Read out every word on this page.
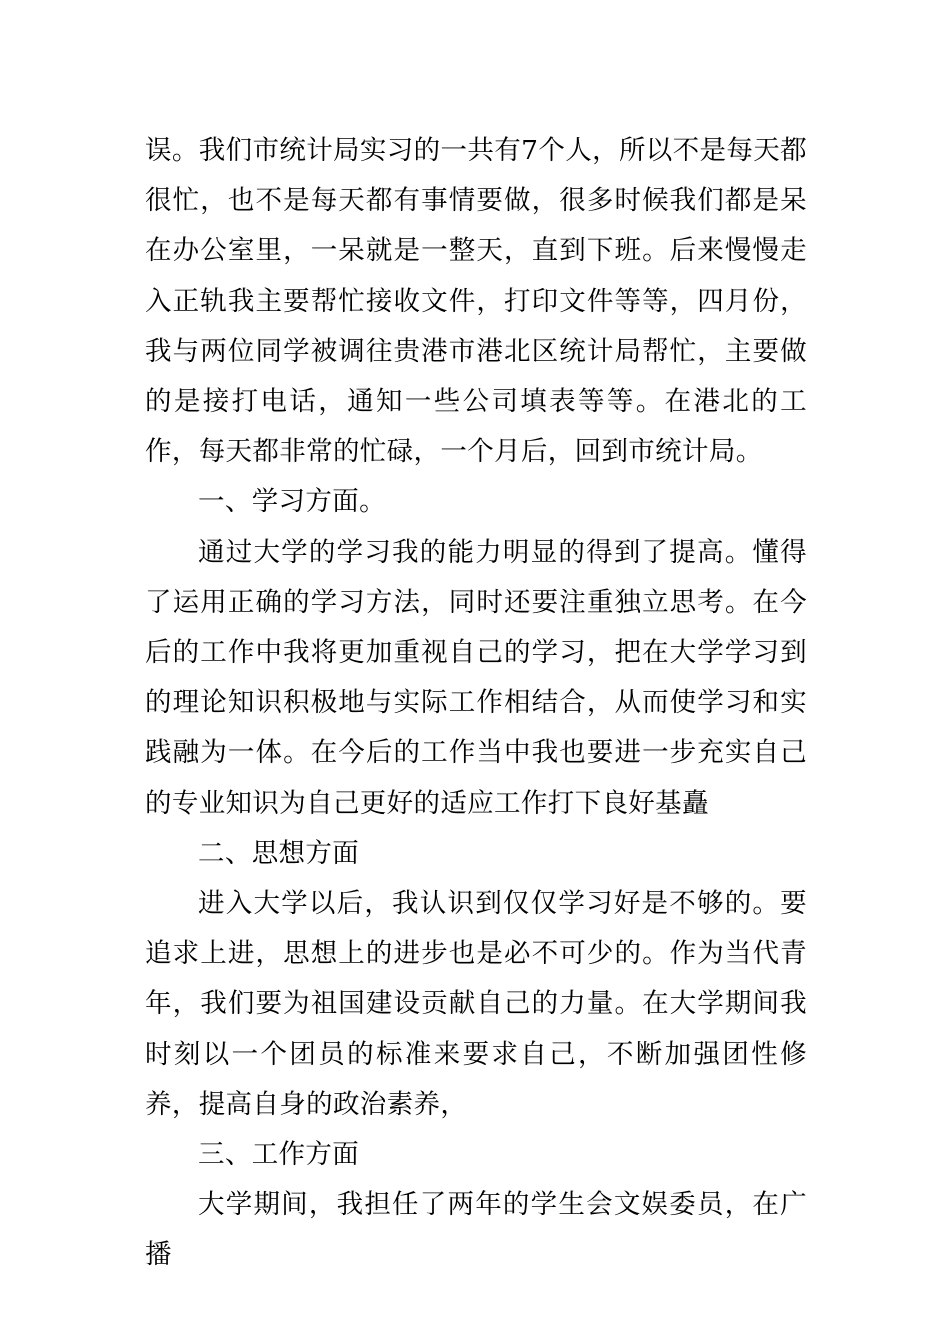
误。我们市统计局实习的一共有7个人，所以不是每天都很忙，也不是每天都有事情要做，很多时候我们都是呆在办公室里，一呆就是一整天，直到下班。后来慢慢走入正轨我主要帮忙接收文件，打印文件等等，四月份，我与两位同学被调往贵港市港北区统计局帮忙，主要做的是接打电话，通知一些公司填表等等。在港北的工作，每天都非常的忙碌，一个月后，回到市统计局。

一、学习方面。

通过大学的学习我的能力明显的得到了提高。懂得了运用正确的学习方法，同时还要注重独立思考。在今后的工作中我将更加重视自己的学习，把在大学学习到的理论知识积极地与实际工作相结合，从而使学习和实践融为一体。在今后的工作当中我也要进一步充实自己的专业知识为自己更好的适应工作打下良好基矗

二、思想方面

进入大学以后，我认识到仅仅学习好是不够的。要追求上进，思想上的进步也是必不可少的。作为当代青年，我们要为祖国建设贡献自己的力量。在大学期间我时刻以一个团员的标准来要求自己，不断加强团性修养，提高自身的政治素养，

三、工作方面

大学期间，我担任了两年的学生会文娱委员，在广播
